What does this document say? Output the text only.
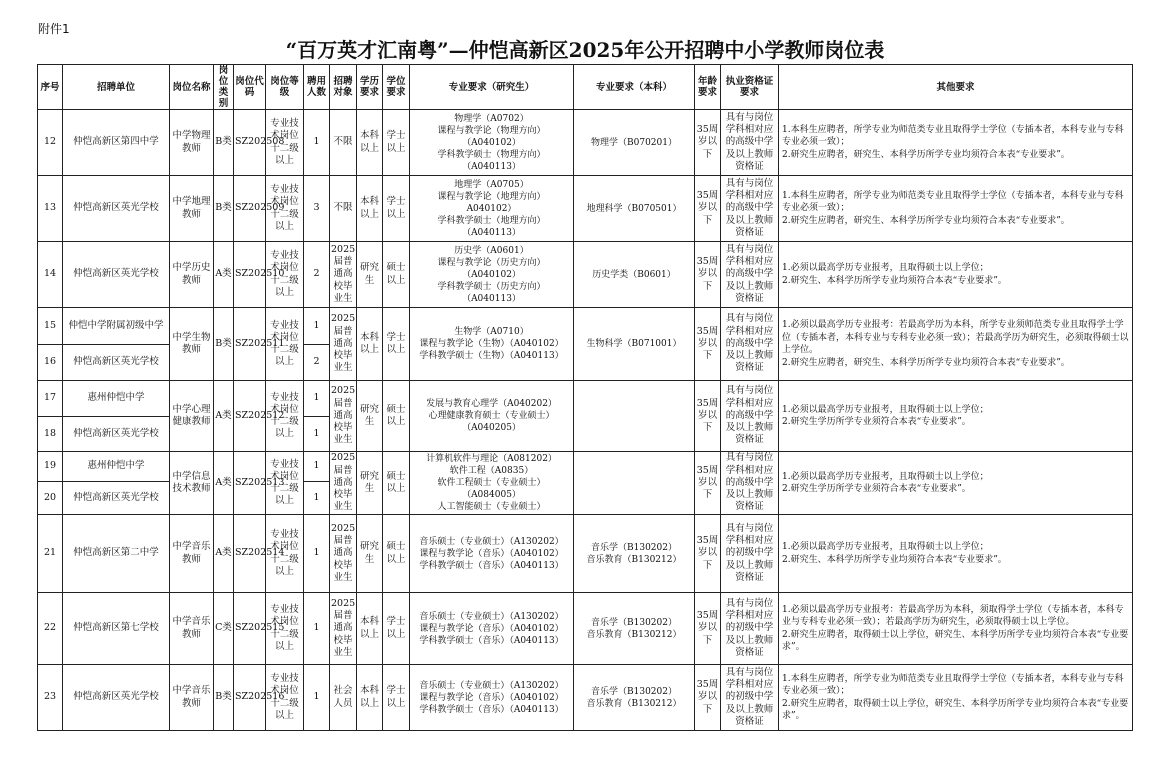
附件1
“百万英才汇南粤”—仲恺高新区2025年公开招聘中小学教师岗位表
序号	招聘单位	岗位名称	岗位类别	岗位代码	岗位等级	聘用人数	招聘对象	学历要求	学位要求	专业要求（研究生）	专业要求（本科）	年龄要求	执业资格证要求	其他要求
12	仲恺高新区第四中学	中学物理教师	B类	SZ202508	专业技术岗位十二级以上	1	不限	本科以上	学士以上	物理学（A0702）
课程与教学论（物理方向）
（A040102）
学科教学硕士（物理方向）
（A040113）	物理学（B070201）	35周岁以下	具有与岗位学科相对应的高级中学及以上教师资格证	1.本科生应聘者，所学专业为师范类专业且取得学士学位（专插本者，本科专业与专科专业必须一致）；
2.研究生应聘者，研究生、本科学历所学专业均须符合本表“专业要求”。

13	仲恺高新区英光学校	中学地理教师	B类	SZ202509	专业技术岗位十二级以上	3	不限	本科以上	学士以上	地理学（A0705）
课程与教学论（地理方向）
A040102）
学科教学硕士（地理方向）
（A040113）	地理科学（B070501）	35周岁以下	具有与岗位学科相对应的高级中学及以上教师资格证	1.本科生应聘者，所学专业为师范类专业且取得学士学位（专插本者，本科专业与专科专业必须一致）；
2.研究生应聘者，研究生、本科学历所学专业均须符合本表“专业要求”。

14	仲恺高新区英光学校	中学历史教师	A类	SZ202510	专业技术岗位十二级以上	2	2025届普通高校毕业生	研究生	硕士以上	历史学（A0601）
课程与教学论（历史方向）
（A040102）
学科教学硕士（历史方向）
（A040113）	历史学类（B0601）	35周岁以下	具有与岗位学科相对应的高级中学及以上教师资格证	1.必须以最高学历专业报考，且取得硕士以上学位；
2.研究生、本科学历所学专业均须符合本表“专业要求”。

15	仲恺中学附属初级中学	中学生物教师	B类	SZ202511	专业技术岗位十二级以上	1	2025届普通高校毕业生	本科以上	学士以上	生物学（A0710）
课程与教学论（生物）（A040102）
学科教学硕士（生物）（A040113）	生物科学（B071001）	35周岁以下	具有与岗位学科相对应的高级中学及以上教师资格证	1.必须以最高学历专业报考：若最高学历为本科，所学专业须师范类专业且取得学士学位（专插本者，本科专业与专科专业必须一致）；若最高学历为研究生，必须取得硕士以上学位。
2.研究生应聘者，研究生、本科学历所学专业均须符合本表“专业要求”。

16	仲恺高新区英光学校					2								
17	惠州仲恺中学	中学心理健康教师	A类	SZ202512	专业技术岗位十二级以上	1	2025届普通高校毕业生	研究生	硕士以上	发展与教育心理学（A040202）
心理健康教育硕士（专业硕士）
（A040205）		35周岁以下	具有与岗位学科相对应的高级中学及以上教师资格证	1.必须以最高学历专业报考，且取得硕士以上学位；
2.研究生学历所学专业须符合本表“专业要求”。

18	仲恺高新区英光学校					1								
19	惠州仲恺中学	中学信息技术教师	A类	SZ202513	专业技术岗位十二级以上	1	2025届普通高校毕业生	研究生	硕士以上	计算机软件与理论（A081202）
软件工程（A0835）
软件工程硕士（专业硕士）
（A084005）
人工智能硕士（专业硕士）		35周岁以下	具有与岗位学科相对应的高级中学及以上教师资格证	1.必须以最高学历专业报考，且取得硕士以上学位；
2.研究生学历所学专业须符合本表“专业要求”。

20	仲恺高新区英光学校					1								
21	仲恺高新区第二中学	中学音乐教师	A类	SZ202514	专业技术岗位十二级以上	1	2025届普通高校毕业生	研究生	硕士以上	音乐硕士（专业硕士）（A130202）
课程与教学论（音乐）（A040102）
学科教学硕士（音乐）（A040113）	音乐学（B130202）
音乐教育（B130212）	35周岁以下	具有与岗位学科相对应的初级中学及以上教师资格证	1.必须以最高学历专业报考，且取得硕士以上学位；
2.研究生、本科学历所学专业均须符合本表“专业要求”。

22	仲恺高新区第七学校	中学音乐教师	C类	SZ202515	专业技术岗位十二级以上	1	2025届普通高校毕业生	本科以上	学士以上	音乐硕士（专业硕士）（A130202）
课程与教学论（音乐）（A040102）
学科教学硕士（音乐）（A040113）	音乐学（B130202）
音乐教育（B130212）	35周岁以下	具有与岗位学科相对应的初级中学及以上教师资格证	1.必须以最高学历专业报考：若最高学历为本科，须取得学士学位（专插本者，本科专业与专科专业必须一致）；若最高学历为研究生，必须取得硕士以上学位。
2.研究生应聘者，取得硕士以上学位，研究生、本科学历所学专业均须符合本表“专业要求”。

23	仲恺高新区英光学校	中学音乐教师	B类	SZ202516	专业技术岗位十二级以上	1	社会人员	本科以上	学士以上	音乐硕士（专业硕士）（A130202）
课程与教学论（音乐）（A040102）
学科教学硕士（音乐）（A040113）	音乐学（B130202）
音乐教育（B130212）	35周岁以下	具有与岗位学科相对应的初级中学及以上教师资格证	1.本科生应聘者，所学专业为师范类专业且取得学士学位（专插本者，本科专业与专科专业必须一致）；
2.研究生应聘者，取得硕士以上学位，研究生、本科学历所学专业均须符合本表“专业要求”。
